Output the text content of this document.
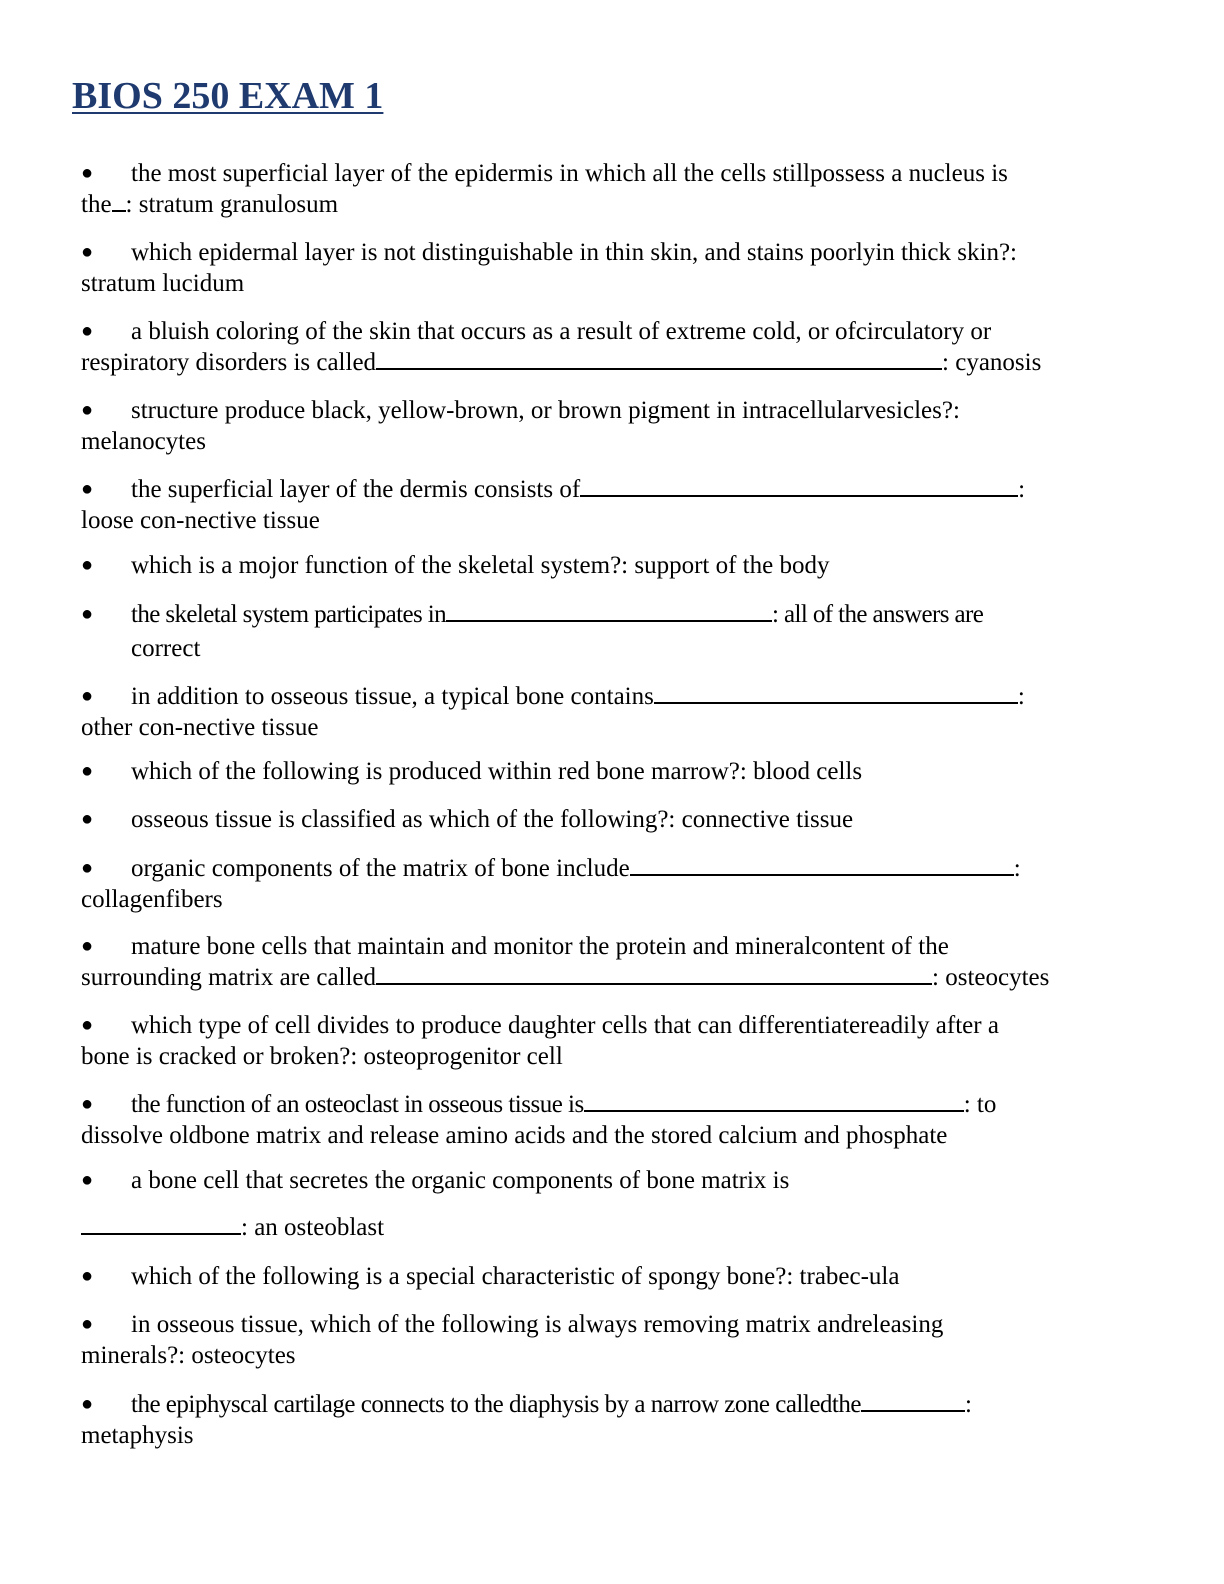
BIOS 250 EXAM 1
● the most superficial layer of the epidermis in which all the cells stillpossess a nucleus is
the : stratum granulosum
● which epidermal layer is not distinguishable in thin skin, and stains poorlyin thick skin?:
stratum lucidum
● a bluish coloring of the skin that occurs as a result of extreme cold, or ofcirculatory or
respiratory disorders is called	: cyanosis
● structure produce black, yellow-brown, or brown pigment in intracellularvesicles?:
melanocytes
● the superficial layer of the dermis consists of	:
loose con-nective tissue
● which is a mojor function of the skeletal system?: support of the body
● the skeletal system participates in	: all of the answers are
correct
● in addition to osseous tissue, a typical bone contains	:
other con-nective tissue
● which of the following is produced within red bone marrow?: blood cells
● osseous tissue is classified as which of the following?: connective tissue
● organic components of the matrix of bone include	:
collagenfibers
● mature bone cells that maintain and monitor the protein and mineralcontent of the
surrounding matrix are called	: osteocytes
● which type of cell divides to produce daughter cells that can differentiatereadily after a
bone is cracked or broken?: osteoprogenitor cell
● the function of an osteoclast in osseous tissue is	: to
dissolve oldbone matrix and release amino acids and the stored calcium and phosphate
● a bone cell that secretes the organic components of bone matrix is
: an osteoblast
● which of the following is a special characteristic of spongy bone?: trabec-ula
● in osseous tissue, which of the following is always removing matrix andreleasing
minerals?: osteocytes
● the epiphyscal cartilage connects to the diaphysis by a narrow zone calledthe	:
metaphysis
